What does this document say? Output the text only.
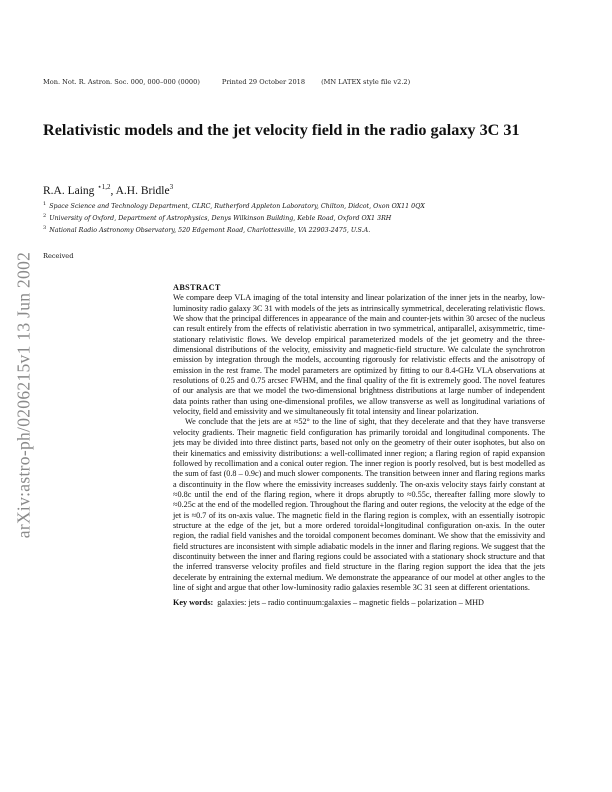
arXiv:astro-ph/0206215v1 13 Jun 2002
Mon. Not. R. Astron. Soc. 000, 000–000 (0000)	Printed 29 October 2018 (MN LATEX style file v2.2)
Relativistic models and the jet velocity field in the radio galaxy 3C 31
R.A. Laing $^{⋆1,2}$, A.H. Bridle$^3$
$^1$ Space Science and Technology Department, CLRC, Rutherford Appleton Laboratory, Chilton, Didcot, Oxon OX11 0QX
$^2$ University of Oxford, Department of Astrophysics, Denys Wilkinson Building, Keble Road, Oxford OX1 3RH
$^3$ National Radio Astronomy Observatory, 520 Edgemont Road, Charlottesville, VA 22903-2475, U.S.A.
Received
ABSTRACT

We compare deep VLA imaging of the total intensity and linear polarization of the inner jets in the nearby, low-luminosity radio galaxy 3C 31 with models of the jets as intrinsically symmetrical, decelerating relativistic flows. We show that the principal differences in appearance of the main and counter-jets within 30 arcsec of the nucleus can result entirely from the effects of relativistic aberration in two symmetrical, antiparallel, axisymmetric, time-stationary relativistic flows. We develop empirical parameterized models of the jet geometry and the three-dimensional distributions of the velocity, emissivity and magnetic-field structure. We calculate the synchrotron emission by integration through the models, accounting rigorously for relativistic effects and the anisotropy of emission in the rest frame. The model parameters are optimized by fitting to our 8.4-GHz VLA observations at resolutions of 0.25 and 0.75 arcsec FWHM, and the final quality of the fit is extremely good. The novel features of our analysis are that we model the two-dimensional brightness distributions at large number of independent data points rather than using one-dimensional profiles, we allow transverse as well as longitudinal variations of velocity, field and emissivity and we simultaneously fit total intensity and linear polarization.

We conclude that the jets are at ≈52° to the line of sight, that they decelerate and that they have transverse velocity gradients. Their magnetic field configuration has primarily toroidal and longitudinal components. The jets may be divided into three distinct parts, based not only on the geometry of their outer isophotes, but also on their kinematics and emissivity distributions: a well-collimated inner region; a flaring region of rapid expansion followed by recollimation and a conical outer region. The inner region is poorly resolved, but is best modelled as the sum of fast (0.8 – 0.9c) and much slower components. The transition between inner and flaring regions marks a discontinuity in the flow where the emissivity increases suddenly. The on-axis velocity stays fairly constant at ≈0.8c until the end of the flaring region, where it drops abruptly to ≈0.55c, thereafter falling more slowly to ≈0.25c at the end of the modelled region. Throughout the flaring and outer regions, the velocity at the edge of the jet is ≈0.7 of its on-axis value. The magnetic field in the flaring region is complex, with an essentially isotropic structure at the edge of the jet, but a more ordered toroidal+longitudinal configuration on-axis. In the outer region, the radial field vanishes and the toroidal component becomes dominant. We show that the emissivity and field structures are inconsistent with simple adiabatic models in the inner and flaring regions. We suggest that the discontinuity between the inner and flaring regions could be associated with a stationary shock structure and that the inferred transverse velocity profiles and field structure in the flaring region support the idea that the jets decelerate by entraining the external medium. We demonstrate the appearance of our model at other angles to the line of sight and argue that other low-luminosity radio galaxies resemble 3C 31 seen at different orientations.

Key words: galaxies: jets – radio continuum:galaxies – magnetic fields – polarization – MHD
